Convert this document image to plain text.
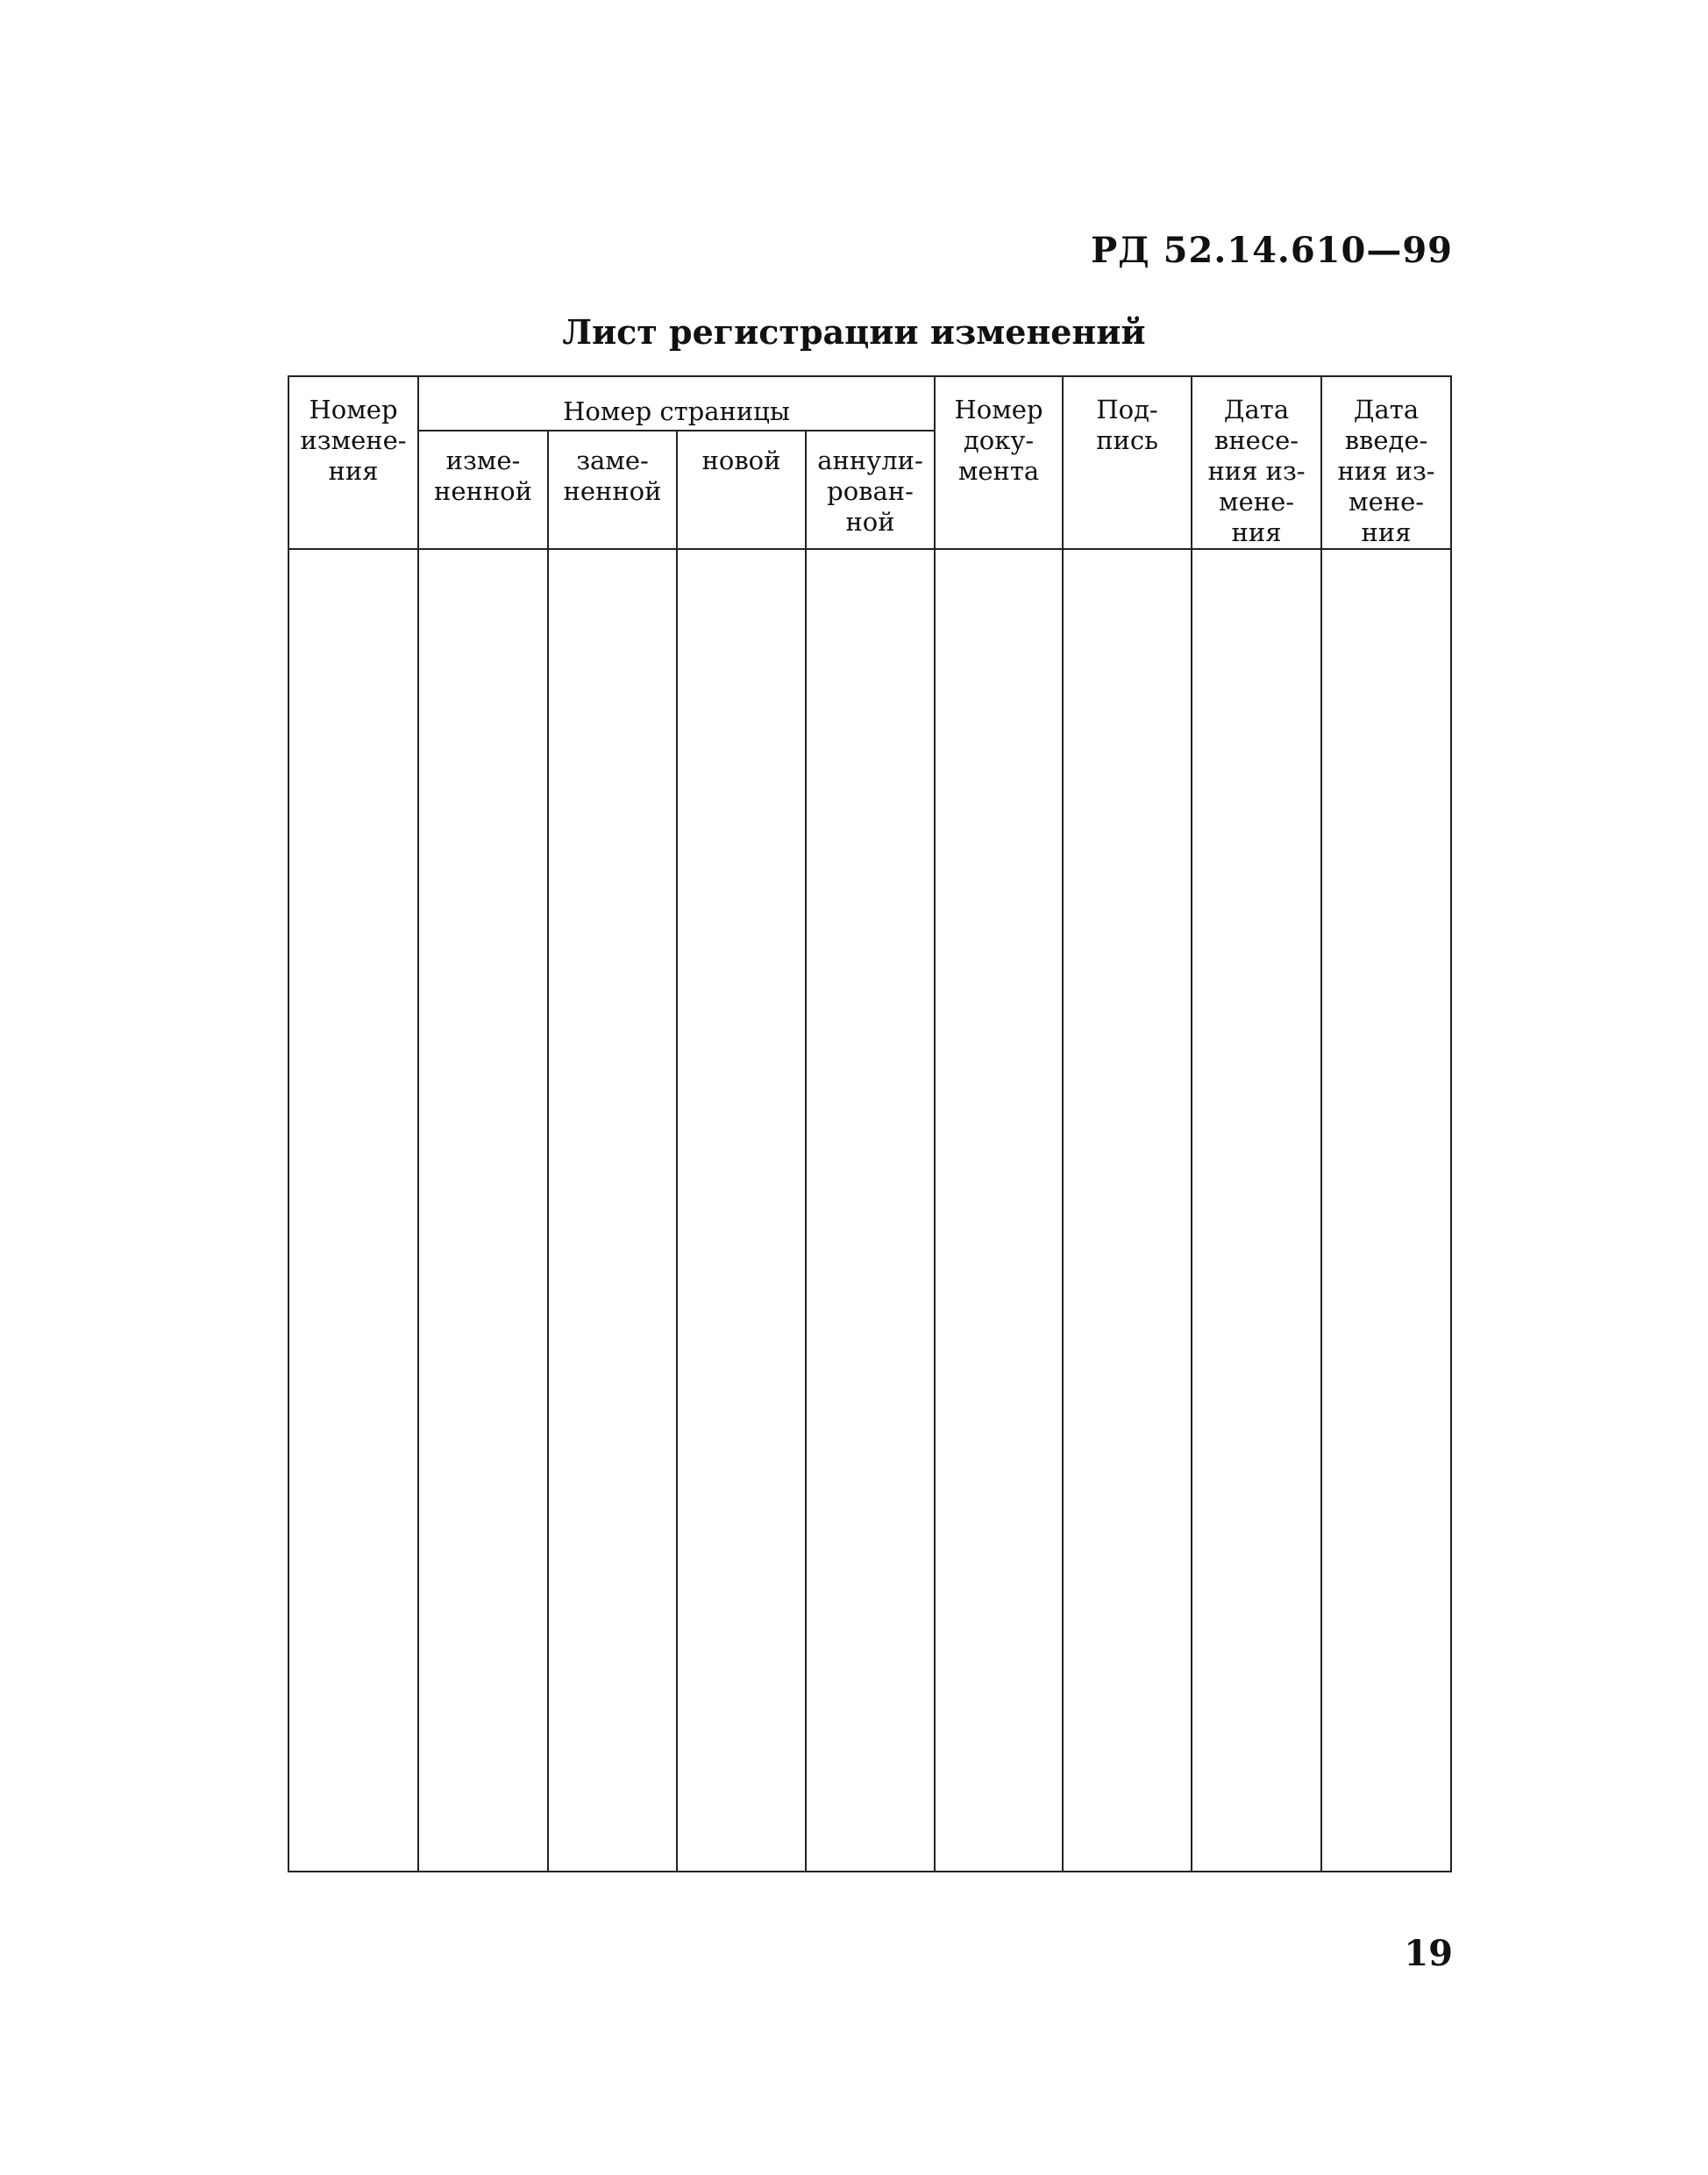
РД 52.14.610—99
Лист регистрации изменений
Номер
измене-
ния	Номер страницы				Номер
доку-
мента	Под-
пись	Дата
внесе-
ния из-
мене-
ния	Дата
введе-
ния из-
мене-
ния
	изме-
ненной	заме-
ненной	новой	аннули-
рован-
ной				

19
